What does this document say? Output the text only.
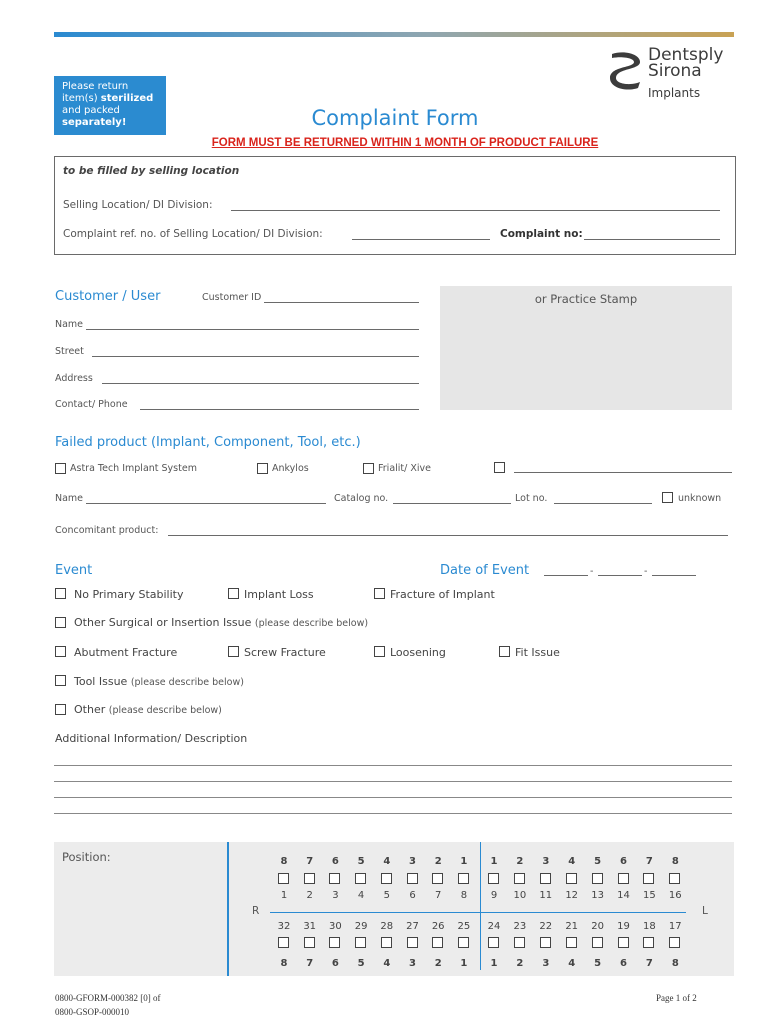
Dentsply
Sirona
Implants
Please return
item(s) sterilized
and packed
separately!	Complaint Form
FORM MUST BE RETURNED WITHIN 1 MONTH OF PRODUCT FAILURE
to be filled by selling location
Selling Location/ DI Division:
Complaint ref. no. of Selling Location/ DI Division:	Complaint no:
Customer / User	Customer ID
Name
Street
Address
Contact/ Phone
or Practice Stamp
Failed product (Implant, Component, Tool, etc.)
Astra Tech Implant System	Ankylos	Frialit/ Xive
Name	Catalog no.	Lot no.	unknown
Concomitant product:
Event	Date of Event	-	-
No Primary Stability	Implant Loss	Fracture of Implant
Other Surgical or Insertion Issue (please describe below)
Abutment Fracture	Screw Fracture	Loosening	Fit Issue
Tool Issue (please describe below)
Other (please describe below)
Additional Information/ Description
Position:
R	L
8	7	6	5	4	3	2	1	1	2	3	4	5	6	7	8
1	2	3	4	5	6	7	8	9	10	11	12	13	14	15	16
32	31	30	29	28	27	26	25	24	23	22	21	20	19	18	17
8	7	6	5	4	3	2	1	1	2	3	4	5	6	7	8
0800-GFORM-000382 [0] of
0800-GSOP-000010
Page 1 of 2
